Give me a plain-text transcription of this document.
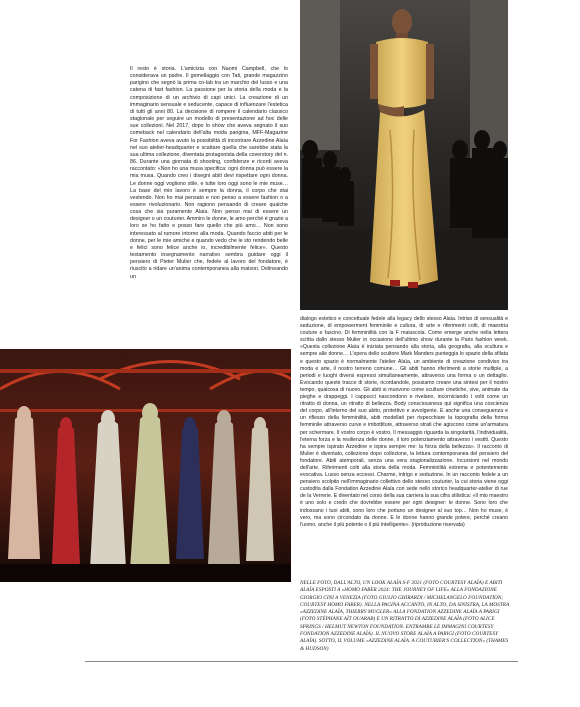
Il resto è storia. L'amicizia con Naomi Campbell, che lo considerava un padre. Il gemellaggio con Tati, grande magazzino parigino che segnò la prima co-lab tra un marchio del lusso e una catena di fast fashion. La passione per la storia della moda e la composizione di un archivio di capi unici. La creazione di un immaginario sensuale e seducente, capace di influenzare l'estetica di tutti gli anni 80. La decisione di rompere il calendario classico stagionale per seguire un modello di presentazione ad hoc delle sue collezioni. Nel 2017, dopo lo show che aveva segnato il suo comeback nel calendario dell'alta moda parigina, MFF-Magazine For Fashion aveva avuto la possibilità di incontrare Azzedine Alaïa nel suo atelier-headquarter e scattare quella che sarebbe stata la sua ultima collezione, diventata protagonista della coverstory del n. 86. Durante una giornata di shooting, confidenze e ricordi aveva raccontato: «Non ho una musa specifica: ogni donna può essere la mia musa. Quando creo i disegni abiti devi rispettare ogni donna. Le donne oggi vogliono stile, e tutte loro oggi sono le mie muse… La base del mio lavoro è sempre la donna, il corpo che stai vestendo. Non ho mai pensato e non penso a essere fashion o a essere rivoluzionario. Non ragiono pensando di creare qualche cosa che sia puramente Alaïa. Non penso mai di essere un designer o un couturier. Ammiro le donne, le amo perché è grazie a loro se ho fatto e posso fare quello che più amo… Non sono interessato al rumore intorno alla moda. Quando faccio abiti per le donne, per le mie amiche e quando vedo che le sto rendendo belle e felici sono felice anche io, incredibilmente felice». Questo testamento insegnamento narrativo sembra guidare oggi il pensiero di Pieter Mulier che, fedele al lavoro del fondatore, è riuscito a ridare un'anima contemporanea alla maison. Delineando un

dialogo estetico e concettuale fedele alla legacy dello stesso Alaïa. Intriso di sensualità e seduzione, di empowerment femminile e cultura, di arte e riferimenti colti, di maestria couture e fascino. Di femminilità con la F maiuscola. Come emerge anche nella lettera scritta dallo stesso Mulier in occasione dell'ultimo show durante la Paris fashion week. «Questa collezione Alaïa è iniziata pensando alla storia, alla geografia, alla scultura e sempre alle donne… L'opera dello scultore Mark Manders punteggia lo spazio della sfilata e questo spazio è normalmente l'atelier Alaïa, un ambiente di creazione condiviso tra moda e arte, il nostro terreno comune… Gli abiti hanno riferimenti a storie multiple, a periodi e luoghi diversi espressi simultaneamente, attraverso una forma o un dettaglio. Evocando queste tracce di storie, ricordandole, possiamo creare una sintesi per il nostro tempo, qualcosa di nuovo. Gli abiti si muovono come sculture cinetiche, vive, animate da pieghe e drappeggi. I cappucci nascondono e rivelano, incorniciando i volti come un ritratto di donna, un ritratto di bellezza. Body consciousness qui significa una coscienza del corpo, all'interno del suo abito, protettivo e avvolgente. E anche una conseguenza e un riflesso della femminilità, abiti modellati per rispecchiare la topografia della forma femminile attraverso curve e imbottiture, attraverso strati che agiscono come un'armatura per schermare. Il vostro corpo è vostro. Il messaggio riguarda la singolarità, l'individualità, l'eterna forza e la resilienza delle donne, il loro potenziamento attraverso i vestiti. Questo ha sempre ispirato Azzedine e ispira sempre me: la forza della bellezza». Il racconto di Mulier è diventato, collezione dopo collezione, la lettura contemporanea del pensiero del fondatore. Abiti atemporali, senza una vera stagionalizzazione. Incursioni nel mondo dell'arte. Riferimenti colti alla storia della moda. Femminilità estrema e potentemente evocativa. Lusso senza eccessi. Charme, intrigo e seduzione. In un racconto fedele a un pensiero scolpito nell'immaginario collettivo dello stesso couturier, la cui storia viene oggi custodita dalla Fondation Azzedine Alaïa con sede nello storico headquarter-atelier di rue de la Verrerie. E diventato nel corso della sua carriera la sua cifra stilistica: «Il mio maestro è uno solo e credo che dovrebbe essere per ogni designer: le donne. Sono loro che indossano i tuoi abiti, sono loro che portano un designer al suo top… Non ho muse, è vero, ma sono circondato da donne. E le donne hanno grande potere, perché creano l'uomo, anche il più potente o il più intelligente». (riproduzione riservata)

NELLE FOTO, DALL'ALTO, UN LOOK ALAÏA S-F 2021 (FOTO COURTESY ALAÏA) E ABITI ALAÏA ESPOSTI A «HOMO FABER 2024: THE JOURNEY OF LIFE» ALLA FONDAZIONE GIORGIO CINI A VENEZIA (FOTO GIULIO GHIRARDI / MICHELANGELO FOUNDATION; COURTESY HOMO FABER). NELLA PAGINA ACCANTO, IN ALTO, DA SINISTRA, LA MOSTRA «AZZEDINE ALAÏA, THIERRY MUGLER» ALLA FONDATION AZZEDINE ALAÏA A PARIGI (FOTO STÉPHANE AÏT OUARAB) E UN RITRATTO DI AZZEDINE ALAÏA (FOTO ALICE SPRINGS / HELMUT NEWTON FOUNDATION. ENTRAMBE LE IMMAGINI COURTESY FONDATION AZZEDINE ALAÏA). IL NUOVO STORE ALAÏA A PARIGI (FOTO COURTESY ALAÏA). SOTTO, IL VOLUME «AZZEDINE ALAÏA. A COUTURIER'S COLLECTION» (THAMES & HUDSON)
